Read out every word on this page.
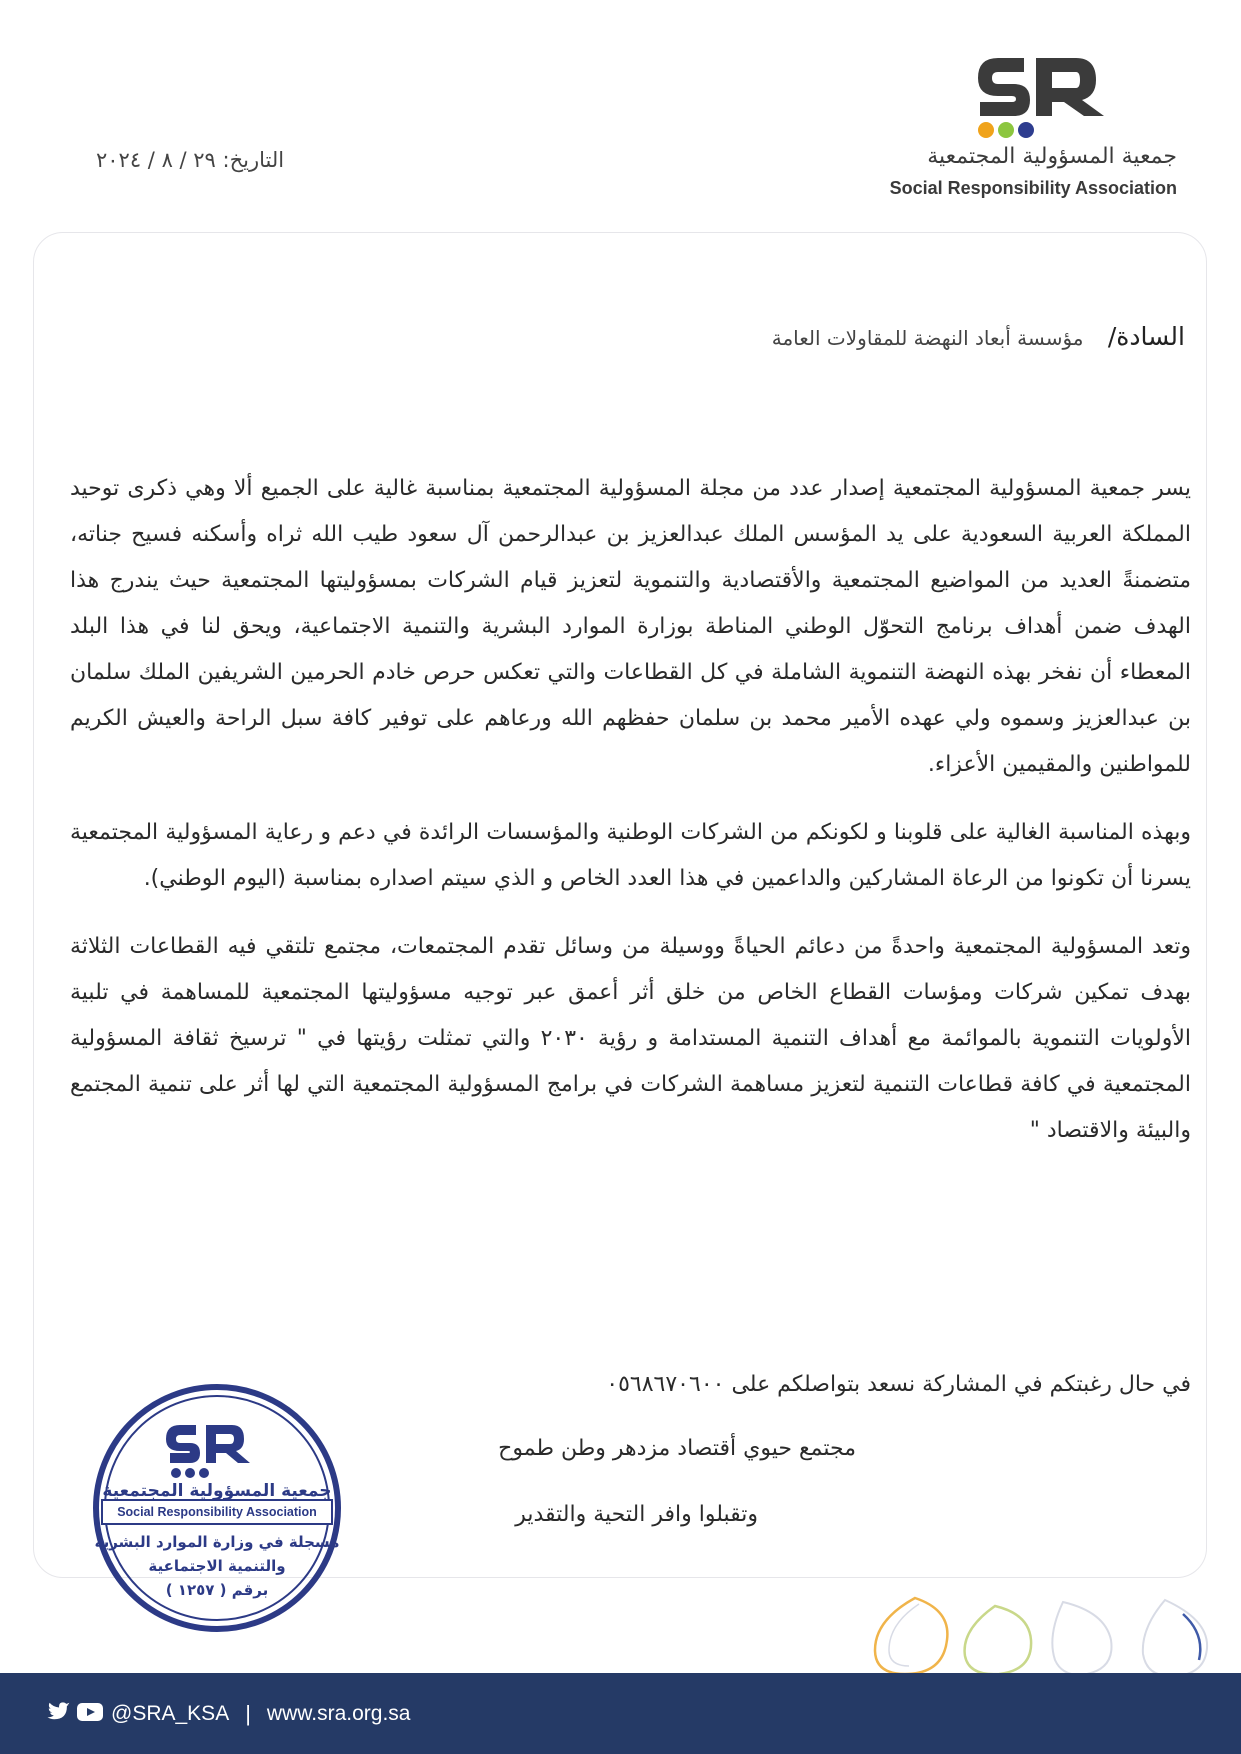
جمعية المسؤولية المجتمعية
Social Responsibility Association
التاريخ: ٢٩ / ٨ / ٢٠٢٤
السادة/ مؤسسة أبعاد النهضة للمقاولات العامة

يسر جمعية المسؤولية المجتمعية إصدار عدد من مجلة المسؤولية المجتمعية بمناسبة غالية على الجميع ألا وهي ذكرى توحيد المملكة العربية السعودية على يد المؤسس الملك عبدالعزيز بن عبدالرحمن آل سعود طيب الله ثراه وأسكنه فسيح جناته، متضمنةً العديد من المواضيع المجتمعية والأقتصادية والتنموية لتعزيز قيام الشركات بمسؤوليتها المجتمعية حيث يندرج هذا الهدف ضمن أهداف برنامج التحوّل الوطني المناطة بوزارة الموارد البشرية والتنمية الاجتماعية، ويحق لنا في هذا البلد المعطاء أن نفخر بهذه النهضة التنموية الشاملة في كل القطاعات والتي تعكس حرص خادم الحرمين الشريفين الملك سلمان بن عبدالعزيز وسموه ولي عهده الأمير محمد بن سلمان حفظهم الله ورعاهم على توفير كافة سبل الراحة والعيش الكريم للمواطنين والمقيمين الأعزاء.

وبهذه المناسبة الغالية على قلوبنا و لكونكم من الشركات الوطنية والمؤسسات الرائدة في دعم و رعاية المسؤولية المجتمعية يسرنا أن تكونوا من الرعاة المشاركين والداعمين في هذا العدد الخاص و الذي سيتم اصداره بمناسبة (اليوم الوطني).

وتعد المسؤولية المجتمعية واحدةً من دعائم الحياةً ووسيلة من وسائل تقدم المجتمعات، مجتمع تلتقي فيه القطاعات الثلاثة بهدف تمكين شركات ومؤسات القطاع الخاص من خلق أثر أعمق عبر توجيه مسؤوليتها المجتمعية للمساهمة في تلبية الأولويات التنموية بالموائمة مع أهداف التنمية المستدامة و رؤية ٢٠٣٠ والتي تمثلت رؤيتها في " ترسيخ ثقافة المسؤولية المجتمعية في كافة قطاعات التنمية لتعزيز مساهمة الشركات في برامج المسؤولية المجتمعية التي لها أثر على تنمية المجتمع والبيئة والاقتصاد "

في حال رغبتكم في المشاركة نسعد بتواصلكم على ٠٥٦٨٦٧٠٦٠٠
مجتمع حيوي أقتصاد مزدهر وطن طموح
وتقبلوا وافر التحية والتقدير
جمعية المسؤولية المجتمعية
Social Responsibility Association
مسجلة في وزارة الموارد البشرية
والتنمية الاجتماعية
برقم ( ١٢٥٧ )
@SRA_KSA | www.sra.org.sa
